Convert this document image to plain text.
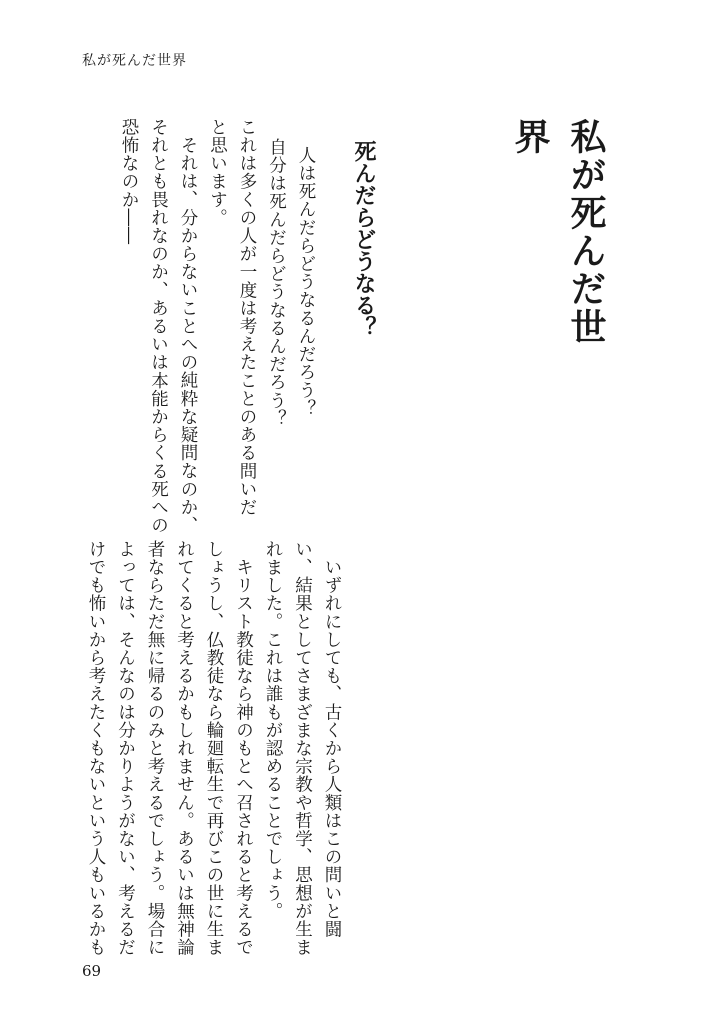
私が死んだ世界
私が死んだ世界
死んだらどうなる？
人は死んだらどうなるんだろう？
自分は死んだらどうなるんだろう？
これは多くの人が一度は考えたことのある問いだ
と思います。
それは、分からないことへの純粋な疑問なのか、
それとも畏れなのか、あるいは本能からくる死への
恐怖なのか――
　いずれにしても、古くから人類はこの問いと闘
い、結果としてさまざまな宗教や哲学、思想が生ま
れました。これは誰もが認めることでしょう。
　キリスト教徒なら神のもとへ召されると考えるで
しょうし、仏教徒なら輪廻転生で再びこの世に生ま
れてくると考えるかもしれません。あるいは無神論
者ならただ無に帰るのみと考えるでしょう。場合に
よっては、そんなのは分かりようがない、考えるだ
けでも怖いから考えたくもないという人もいるかも
69
